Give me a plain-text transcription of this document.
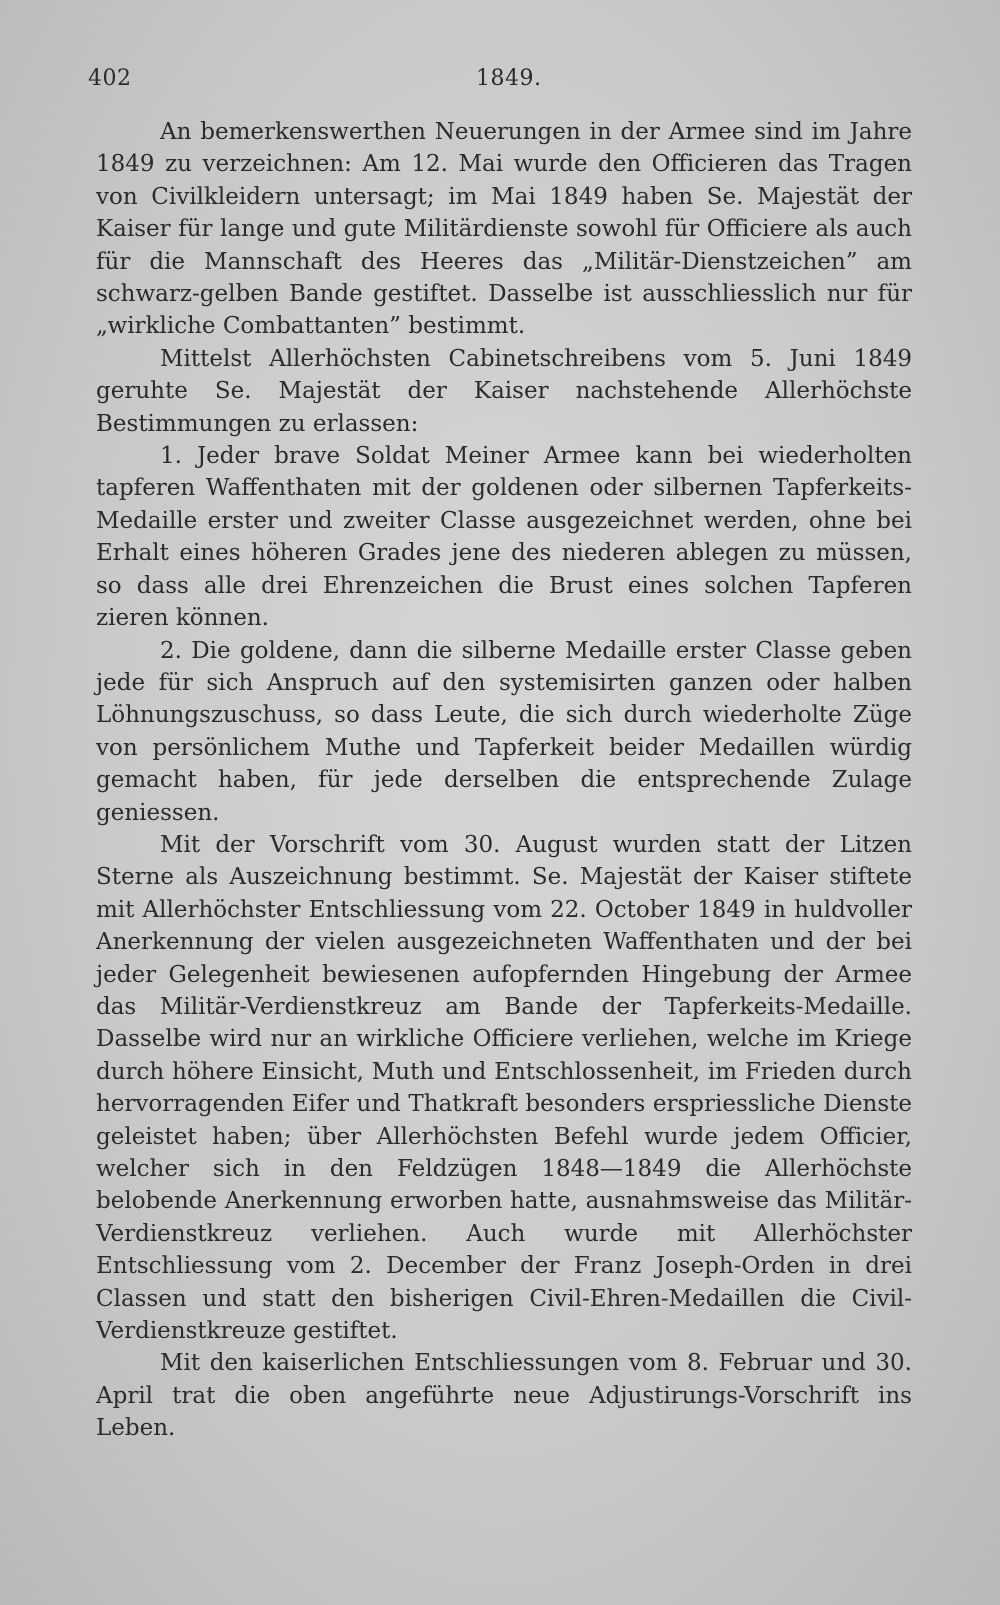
402	1849.

An bemerkenswerthen Neuerungen in der Armee sind im Jahre 1849 zu verzeichnen: Am 12. Mai wurde den Officieren das Tragen von Civilkleidern untersagt; im Mai 1849 haben Se. Majestät der Kaiser für lange und gute Militärdienste sowohl für Officiere als auch für die Mannschaft des Heeres das „Militär-Dienstzeichen” am schwarz-gelben Bande gestiftet. Dasselbe ist ausschliesslich nur für „wirkliche Combattanten” bestimmt.

Mittelst Allerhöchsten Cabinetschreibens vom 5. Juni 1849 geruhte Se. Majestät der Kaiser nachstehende Allerhöchste Bestimmungen zu erlassen:

1. Jeder brave Soldat Meiner Armee kann bei wiederholten tapferen Waffenthaten mit der goldenen oder silbernen Tapferkeits-Medaille erster und zweiter Classe ausgezeichnet werden, ohne bei Erhalt eines höheren Grades jene des niederen ablegen zu müssen, so dass alle drei Ehrenzeichen die Brust eines solchen Tapferen zieren können.

2. Die goldene, dann die silberne Medaille erster Classe geben jede für sich Anspruch auf den systemisirten ganzen oder halben Löhnungszuschuss, so dass Leute, die sich durch wiederholte Züge von persönlichem Muthe und Tapferkeit beider Medaillen würdig gemacht haben, für jede derselben die entsprechende Zulage geniessen.

Mit der Vorschrift vom 30. August wurden statt der Litzen Sterne als Auszeichnung bestimmt. Se. Majestät der Kaiser stiftete mit Allerhöchster Entschliessung vom 22. October 1849 in huldvoller Anerkennung der vielen ausgezeichneten Waffenthaten und der bei jeder Gelegenheit bewiesenen aufopfernden Hingebung der Armee das Militär-Verdienstkreuz am Bande der Tapferkeits-Medaille. Dasselbe wird nur an wirkliche Officiere verliehen, welche im Kriege durch höhere Einsicht, Muth und Entschlossenheit, im Frieden durch hervorragenden Eifer und Thatkraft besonders erspriessliche Dienste geleistet haben; über Allerhöchsten Befehl wurde jedem Officier, welcher sich in den Feldzügen 1848—1849 die Allerhöchste belobende Anerkennung erworben hatte, ausnahmsweise das Militär-Verdienstkreuz verliehen. Auch wurde mit Allerhöchster Entschliessung vom 2. December der Franz Joseph-Orden in drei Classen und statt den bisherigen Civil-Ehren-Medaillen die Civil-Verdienstkreuze gestiftet.

Mit den kaiserlichen Entschliessungen vom 8. Februar und 30. April trat die oben angeführte neue Adjustirungs-Vorschrift ins Leben.
